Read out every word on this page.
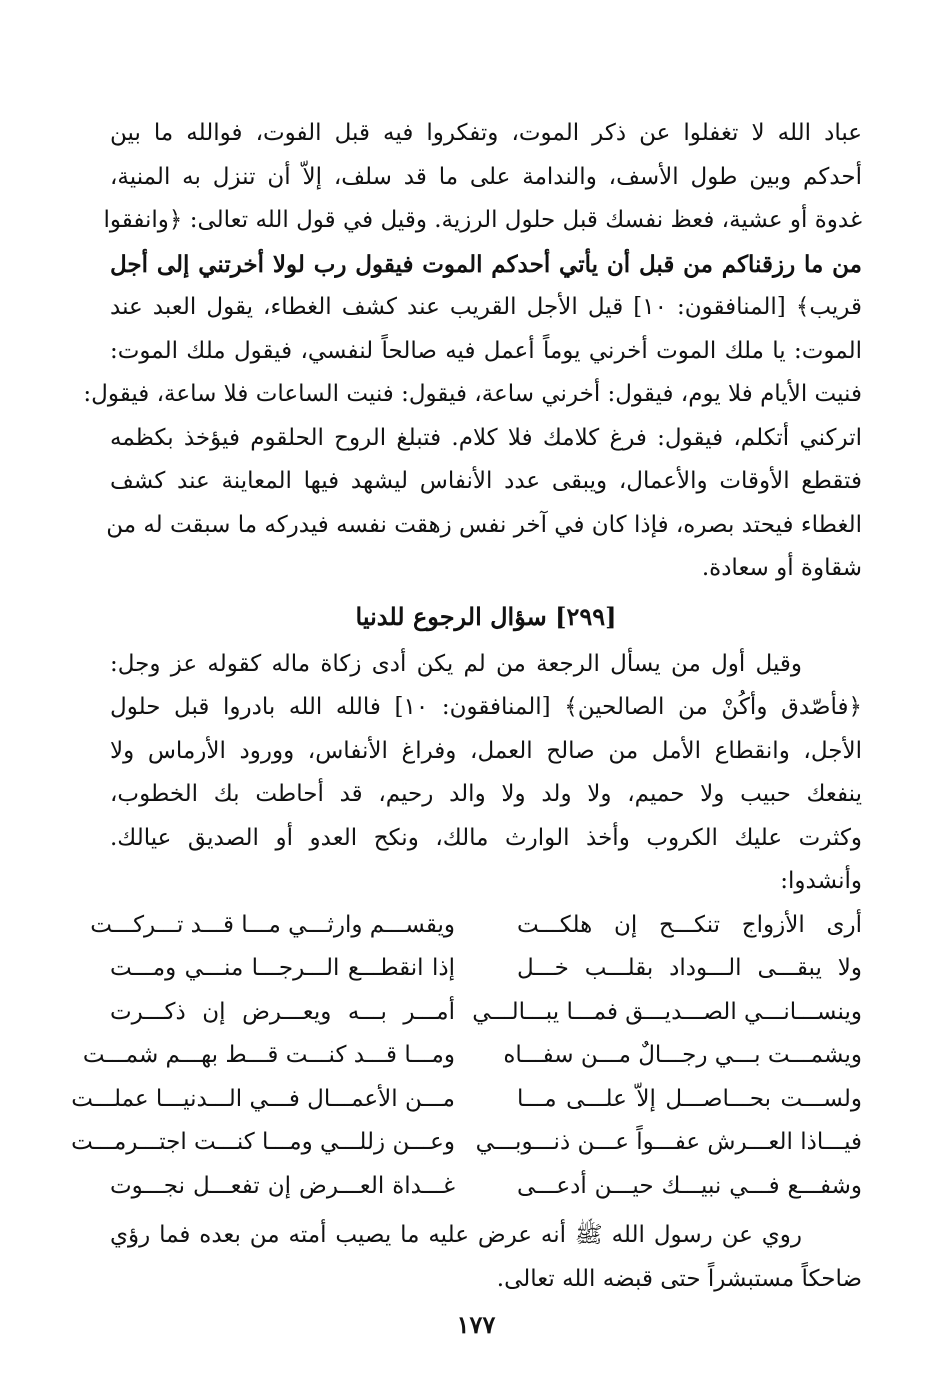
عباد الله لا تغفلوا عن ذكر الموت، وتفكروا فيه قبل الفوت، فوالله ما بين
أحدكم وبين طول الأسف، والندامة على ما قد سلف، إلاّ أن تنزل به المنية،
غدوة أو عشية، فعظ نفسك قبل حلول الرزية. وقيل في قول الله تعالى: ﴿وانفقوا
من ما رزقناكم من قبل أن يأتي أحدكم الموت فيقول رب لولا أخرتني إلى أجل
قريب﴾ [المنافقون: ١٠] قيل الأجل القريب عند كشف الغطاء، يقول العبد عند
الموت: يا ملك الموت أخرني يوماً أعمل فيه صالحاً لنفسي، فيقول ملك الموت:
فنيت الأيام فلا يوم، فيقول: أخرني ساعة، فيقول: فنيت الساعات فلا ساعة، فيقول:
اتركني أتكلم، فيقول: فرغ كلامك فلا كلام. فتبلغ الروح الحلقوم فيؤخذ بكظمه
فتقطع الأوقات والأعمال، ويبقى عدد الأنفاس ليشهد فيها المعاينة عند كشف
الغطاء فيحتد بصره، فإذا كان في آخر نفس زهقت نفسه فيدركه ما سبقت له من
شقاوة أو سعادة.
[٢٩٩] سؤال الرجوع للدنيا
وقيل أول من يسأل الرجعة من لم يكن أدى زكاة ماله كقوله عز وجل:
﴿فأصّدق وأكُنْ من الصالحين﴾ [المنافقون: ١٠] فالله الله بادروا قبل حلول
الأجل، وانقطاع الأمل من صالح العمل، وفراغ الأنفاس، وورود الأرماس ولا
ينفعك حبيب ولا حميم، ولا ولد ولا والد رحيم، قد أحاطت بك الخطوب،
وكثرت عليك الكروب وأخذ الوارث مالك، ونكح العدو أو الصديق عيالك.
وأنشدوا:
أرى الأزواج تنكـــح إن هلكـــت
ويقســـم وارثـــي مـــا قـــد تـــركـــت
ولا يبقـــى الـــوداد بقلـــب خـــل
إذا انقطـــع الـــرجـــا منـــي ومـــت
وينســـانـــي الصـــديـــق فمـــا يبـــالـــي
أمـــر بـــه ويعـــرض إن ذكـــرت
ويشمـــت بـــي رجـــالٌ مـــن سفـــاه
ومـــا قـــد كنـــت قـــط بهـــم شمـــت
ولســـت بحـــاصـــل إلاّ علـــى مـــا
مـــن الأعمـــال فـــي الـــدنيـــا عملـــت
فيـــاذا العـــرش عفـــواً عـــن ذنـــوبـــي
وعـــن زللـــي ومـــا كنـــت اجتـــرمـــت
وشفـــع فـــي نبيـــك حيـــن أدعـــى
غـــداة العـــرض إن تفعـــل نجـــوت
روي عن رسول الله ﷺ أنه عرض عليه ما يصيب أمته من بعده فما رؤي
ضاحكاً مستبشراً حتى قبضه الله تعالى.
١٧٧
